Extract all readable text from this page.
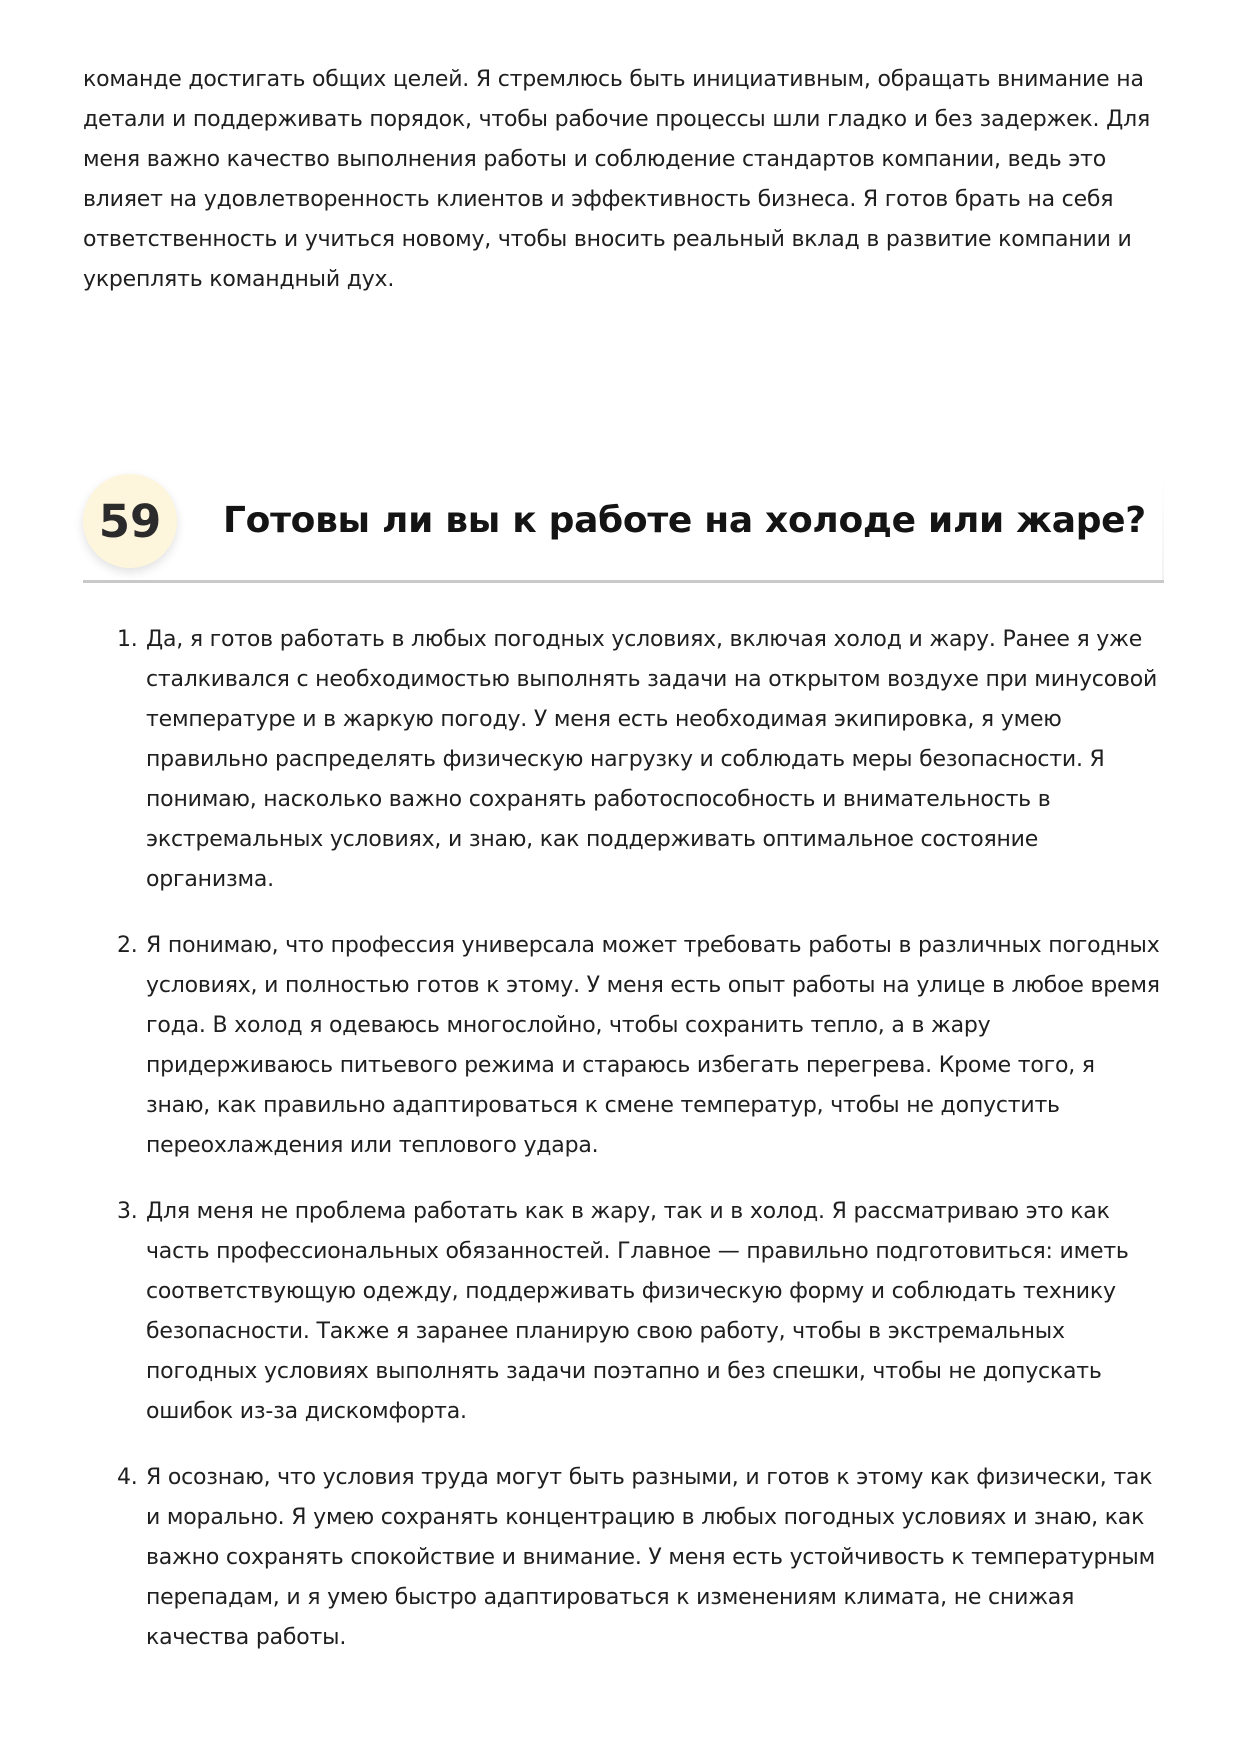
команде достигать общих целей. Я стремлюсь быть инициативным, обращать внимание на детали и поддерживать порядок, чтобы рабочие процессы шли гладко и без задержек. Для меня важно качество выполнения работы и соблюдение стандартов компании, ведь это влияет на удовлетворенность клиентов и эффективность бизнеса. Я готов брать на себя ответственность и учиться новому, чтобы вносить реальный вклад в развитие компании и укреплять командный дух.

59	Готовы ли вы к работе на холоде или жаре?
1. Да, я готов работать в любых погодных условиях, включая холод и жару. Ранее я уже сталкивался с необходимостью выполнять задачи на открытом воздухе при минусовой температуре и в жаркую погоду. У меня есть необходимая экипировка, я умею правильно распределять физическую нагрузку и соблюдать меры безопасности. Я понимаю, насколько важно сохранять работоспособность и внимательность в экстремальных условиях, и знаю, как поддерживать оптимальное состояние организма.
2. Я понимаю, что профессия универсала может требовать работы в различных погодных условиях, и полностью готов к этому. У меня есть опыт работы на улице в любое время года. В холод я одеваюсь многослойно, чтобы сохранить тепло, а в жару придерживаюсь питьевого режима и стараюсь избегать перегрева. Кроме того, я знаю, как правильно адаптироваться к смене температур, чтобы не допустить переохлаждения или теплового удара.
3. Для меня не проблема работать как в жару, так и в холод. Я рассматриваю это как часть профессиональных обязанностей. Главное — правильно подготовиться: иметь соответствующую одежду, поддерживать физическую форму и соблюдать технику безопасности. Также я заранее планирую свою работу, чтобы в экстремальных погодных условиях выполнять задачи поэтапно и без спешки, чтобы не допускать ошибок из-за дискомфорта.
4. Я осознаю, что условия труда могут быть разными, и готов к этому как физически, так и морально. Я умею сохранять концентрацию в любых погодных условиях и знаю, как важно сохранять спокойствие и внимание. У меня есть устойчивость к температурным перепадам, и я умею быстро адаптироваться к изменениям климата, не снижая качества работы.
